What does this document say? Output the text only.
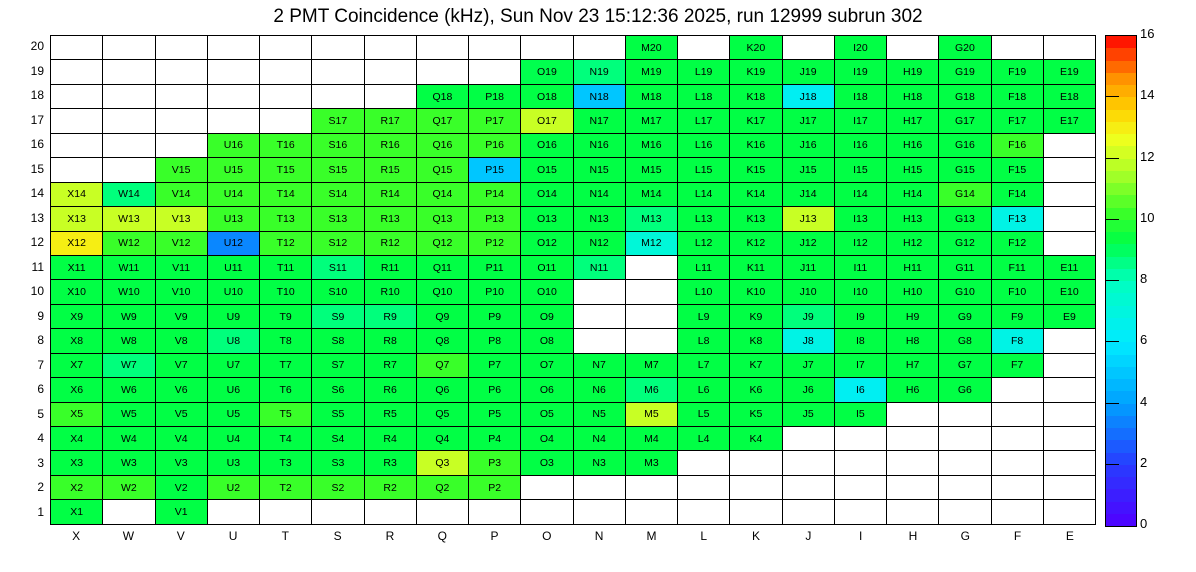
2 PMT Coincidence (kHz), Sun Nov 23 15:12:36 2025, run 12999 subrun 302
20
19
18
17
16
15
14
13
12
11
10
9
8
7
6
5
4
3
2
1
X	W	V	U	T	S	R	Q	P	O	N	M	L	K	J	I	H	G	F	E
											M20		K20		I20		G20		
									O19	N19	M19	L19	K19	J19	I19	H19	G19	F19	E19
							Q18	P18	O18	N18	M18	L18	K18	J18	I18	H18	G18	F18	E18
					S17	R17	Q17	P17	O17	N17	M17	L17	K17	J17	I17	H17	G17	F17	E17
			U16	T16	S16	R16	Q16	P16	O16	N16	M16	L16	K16	J16	I16	H16	G16	F16	
		V15	U15	T15	S15	R15	Q15	P15	O15	N15	M15	L15	K15	J15	I15	H15	G15	F15	
X14	W14	V14	U14	T14	S14	R14	Q14	P14	O14	N14	M14	L14	K14	J14	I14	H14	G14	F14	
X13	W13	V13	U13	T13	S13	R13	Q13	P13	O13	N13	M13	L13	K13	J13	I13	H13	G13	F13	
X12	W12	V12	U12	T12	S12	R12	Q12	P12	O12	N12	M12	L12	K12	J12	I12	H12	G12	F12	
X11	W11	V11	U11	T11	S11	R11	Q11	P11	O11	N11		L11	K11	J11	I11	H11	G11	F11	E11
X10	W10	V10	U10	T10	S10	R10	Q10	P10	O10			L10	K10	J10	I10	H10	G10	F10	E10
X9	W9	V9	U9	T9	S9	R9	Q9	P9	O9			L9	K9	J9	I9	H9	G9	F9	E9
X8	W8	V8	U8	T8	S8	R8	Q8	P8	O8			L8	K8	J8	I8	H8	G8	F8	
X7	W7	V7	U7	T7	S7	R7	Q7	P7	O7	N7	M7	L7	K7	J7	I7	H7	G7	F7	
X6	W6	V6	U6	T6	S6	R6	Q6	P6	O6	N6	M6	L6	K6	J6	I6	H6	G6		
X5	W5	V5	U5	T5	S5	R5	Q5	P5	O5	N5	M5	L5	K5	J5	I5				
X4	W4	V4	U4	T4	S4	R4	Q4	P4	O4	N4	M4	L4	K4						
X3	W3	V3	U3	T3	S3	R3	Q3	P3	O3	N3	M3								
X2	W2	V2	U2	T2	S2	R2	Q2	P2											
X1		V1																	
0
2
4
6
8
10
12
14
16
